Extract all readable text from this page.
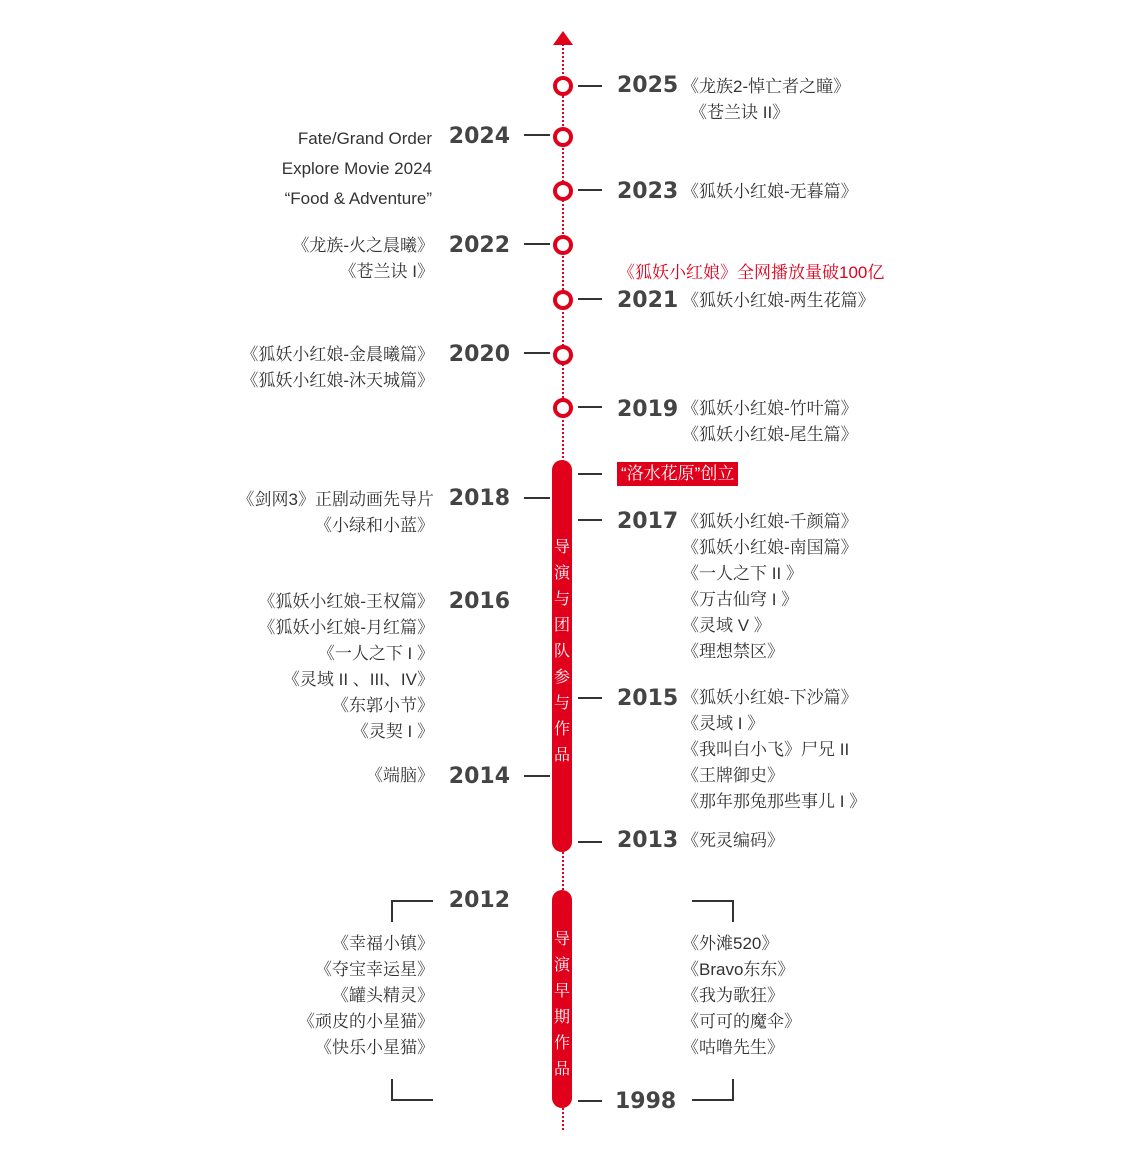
2025 《龙族2-悼亡者之瞳》
《苍兰诀 II》
Fate/Grand Order
Explore Movie 2024
“Food & Adventure”
2024
2023 《狐妖小红娘-无暮篇》
《龙族-火之晨曦》
《苍兰诀 I》
2022
《狐妖小红娘》全网播放量破100亿
2021 《狐妖小红娘-两生花篇》
《狐妖小红娘-金晨曦篇》
《狐妖小红娘-沐天城篇》
2020
2019 《狐妖小红娘-竹叶篇》
《狐妖小红娘-尾生篇》
导
演
与
团
队
参
与
作
品
“洛水花原”创立
《剑网3》正剧动画先导片
《小绿和小蓝》
2018
2017 《狐妖小红娘-千颜篇》
《狐妖小红娘-南国篇》
《一人之下 II 》
《万古仙穹 I 》
《灵域 V 》
《理想禁区》
《狐妖小红娘-王权篇》
《狐妖小红娘-月红篇》
《一人之下 I 》
《灵域 II 、III、IV》
《东郭小节》
《灵契 I 》
2016
2015 《狐妖小红娘-下沙篇》
《灵域 I 》
《我叫白小飞》尸兄 II
《王牌御史》
《那年那兔那些事儿 I 》
《端脑》 2014
2013 《死灵编码》
导
演
早
期
作
品
2012
《幸福小镇》
《夺宝幸运星》
《罐头精灵》
《顽皮的小星猫》
《快乐小星猫》
《外滩520》
《Bravo东东》
《我为歌狂》
《可可的魔伞》
《咕噜先生》
1998
